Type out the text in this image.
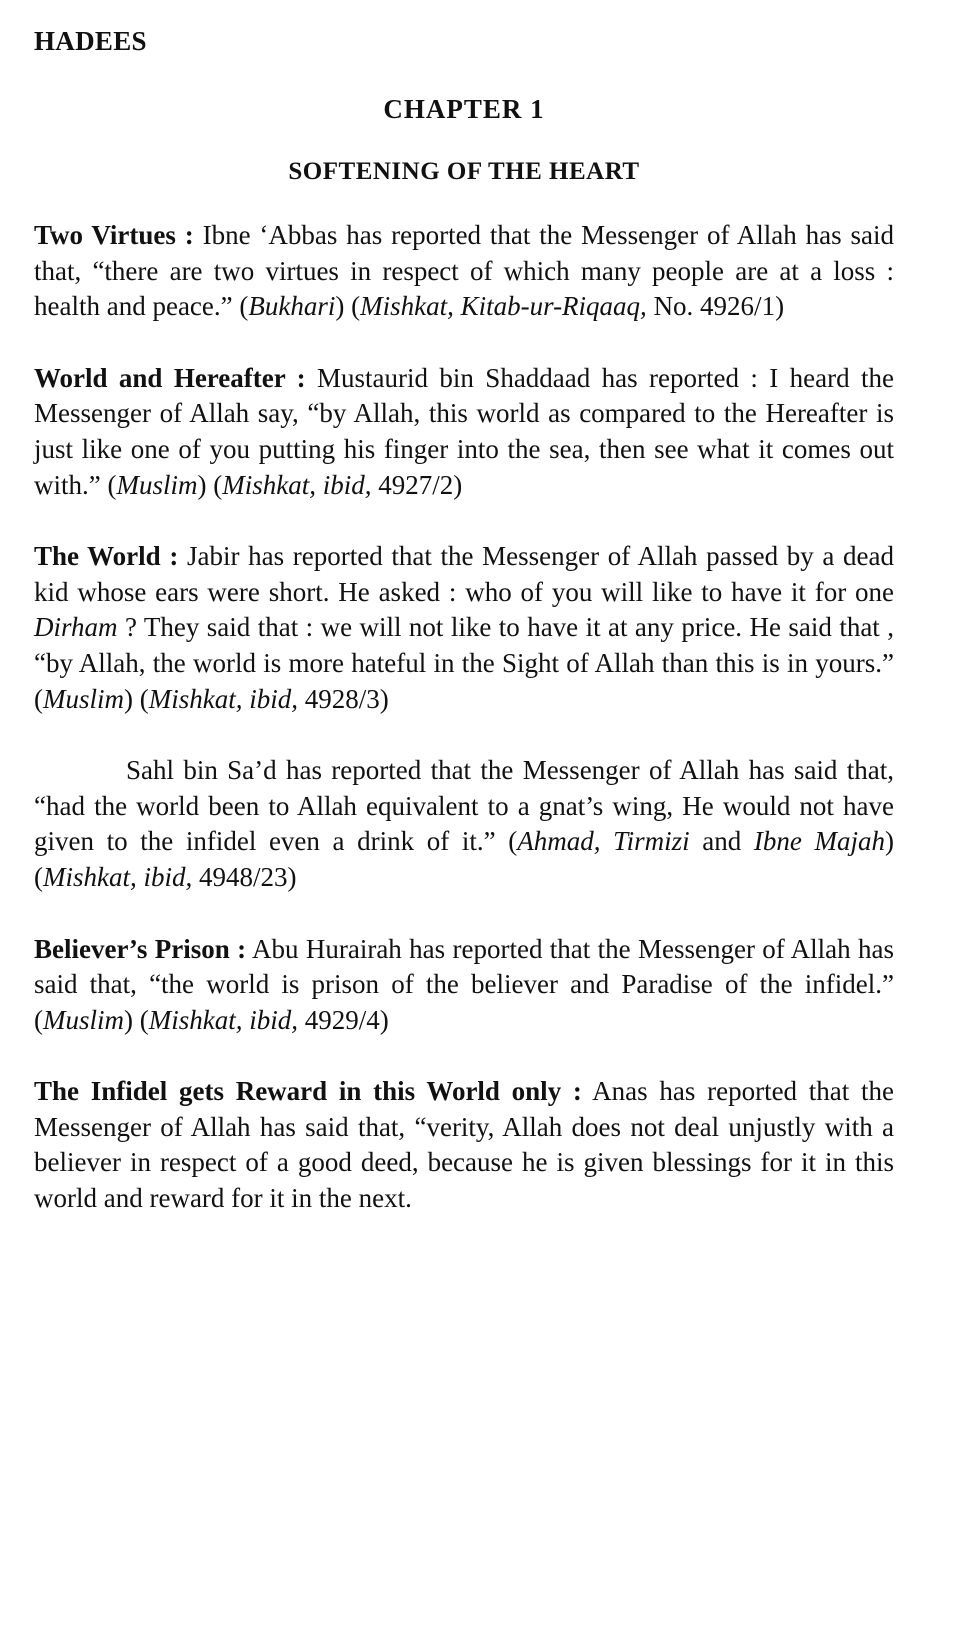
HADEES
CHAPTER 1
SOFTENING OF THE HEART

Two Virtues : Ibne ‘Abbas has reported that the Messenger of Allah has said that, “there are two virtues in respect of which many people are at a loss : health and peace.” (Bukhari) (Mishkat, Kitab-ur-Riqaaq, No. 4926/1)

World and Hereafter : Mustaurid bin Shaddaad has reported : I heard the Messenger of Allah say, “by Allah, this world as compared to the Hereafter is just like one of you putting his finger into the sea, then see what it comes out with.” (Muslim) (Mishkat, ibid, 4927/2)

The World : Jabir has reported that the Messenger of Allah passed by a dead kid whose ears were short. He asked : who of you will like to have it for one Dirham ? They said that : we will not like to have it at any price. He said that , “by Allah, the world is more hateful in the Sight of Allah than this is in yours.” (Muslim) (Mishkat, ibid, 4928/3)

Sahl bin Sa’d has reported that the Messenger of Allah has said that, “had the world been to Allah equivalent to a gnat’s wing, He would not have given to the infidel even a drink of it.” (Ahmad, Tirmizi and Ibne Majah) (Mishkat, ibid, 4948/23)

Believer’s Prison : Abu Hurairah has reported that the Messenger of Allah has said that, “the world is prison of the believer and Paradise of the infidel.” (Muslim) (Mishkat, ibid, 4929/4)

The Infidel gets Reward in this World only : Anas has reported that the Messenger of Allah has said that, “verity, Allah does not deal unjustly with a believer in respect of a good deed, because he is given blessings for it in this world and reward for it in the next.
